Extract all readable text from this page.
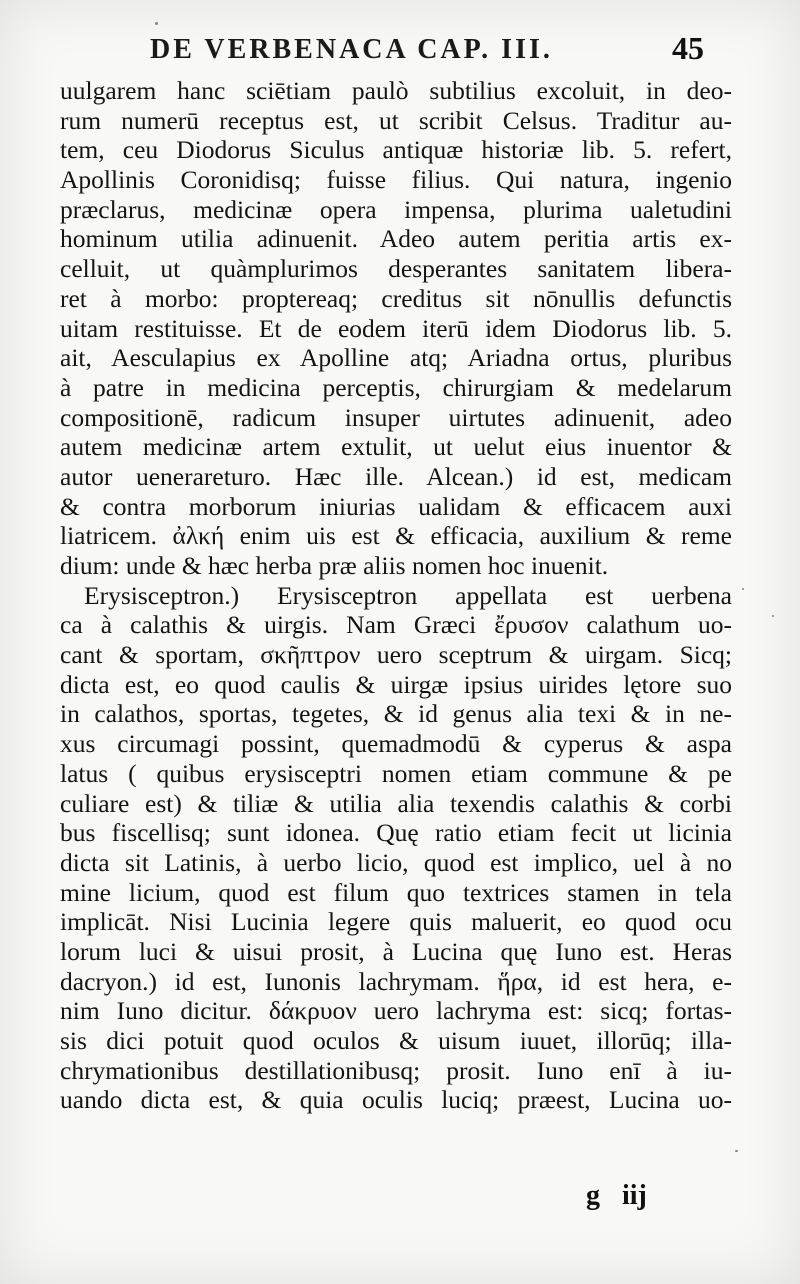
DE VERBENACA CAP. III.	45
uulgarem hanc sciētiam paulò subtilius excoluit, in deo-
rum numerū receptus est, ut scribit Celsus. Traditur au-
tem, ceu Diodorus Siculus antiquæ historiæ lib. 5. refert,
Apollinis Coronidisq; fuisse filius. Qui natura, ingenio
præclarus, medicinæ opera impensa, plurima ualetudini
hominum utilia adinuenit. Adeo autem peritia artis ex-
celluit, ut quàmplurimos desperantes sanitatem libera-
ret à morbo: proptereaq; creditus sit nōnullis defunctis
uitam restituisse. Et de eodem iterū idem Diodorus lib. 5.
ait, Aesculapius ex Apolline atq; Ariadna ortus, pluribus
à patre in medicina perceptis, chirurgiam & medelarum
compositionē, radicum insuper uirtutes adinuenit, adeo
autem medicinæ artem extulit, ut uelut eius inuentor &
autor uenerareturo. Hæc ille. Alcean.) id est, medicam
& contra morborum iniurias ualidam & efficacem auxi
liatricem. ἀλκή enim uis est & efficacia, auxilium & reme
dium: unde & hæc herba præ aliis nomen hoc inuenit.
Erysisceptron.) Erysisceptron appellata est uerbena
ca à calathis & uirgis. Nam Græci ἔρυσον calathum uo-
cant & sportam, σκῆπτρον uero sceptrum & uirgam. Sicq;
dicta est, eo quod caulis & uirgæ ipsius uirides lętore suo
in calathos, sportas, tegetes, & id genus alia texi & in ne-
xus circumagi possint, quemadmodū & cyperus & aspa
latus ( quibus erysisceptri nomen etiam commune & pe
culiare est) & tiliæ & utilia alia texendis calathis & corbi
bus fiscellisq; sunt idonea. Quę ratio etiam fecit ut licinia
dicta sit Latinis, à uerbo licio, quod est implico, uel à no
mine licium, quod est filum quo textrices stamen in tela
implicāt. Nisi Lucinia legere quis maluerit, eo quod ocu
lorum luci & uisui prosit, à Lucina quę Iuno est. Heras
dacryon.) id est, Iunonis lachrymam. ἥρα, id est hera, e-
nim Iuno dicitur. δάκρυον uero lachryma est: sicq; fortas-
sis dici potuit quod oculos & uisum iuuet, illorūq; illa-
chrymationibus destillationibusq; prosit. Iuno enī à iu-
uando dicta est, & quia oculis luciq; præest, Lucina uo-
g iij
